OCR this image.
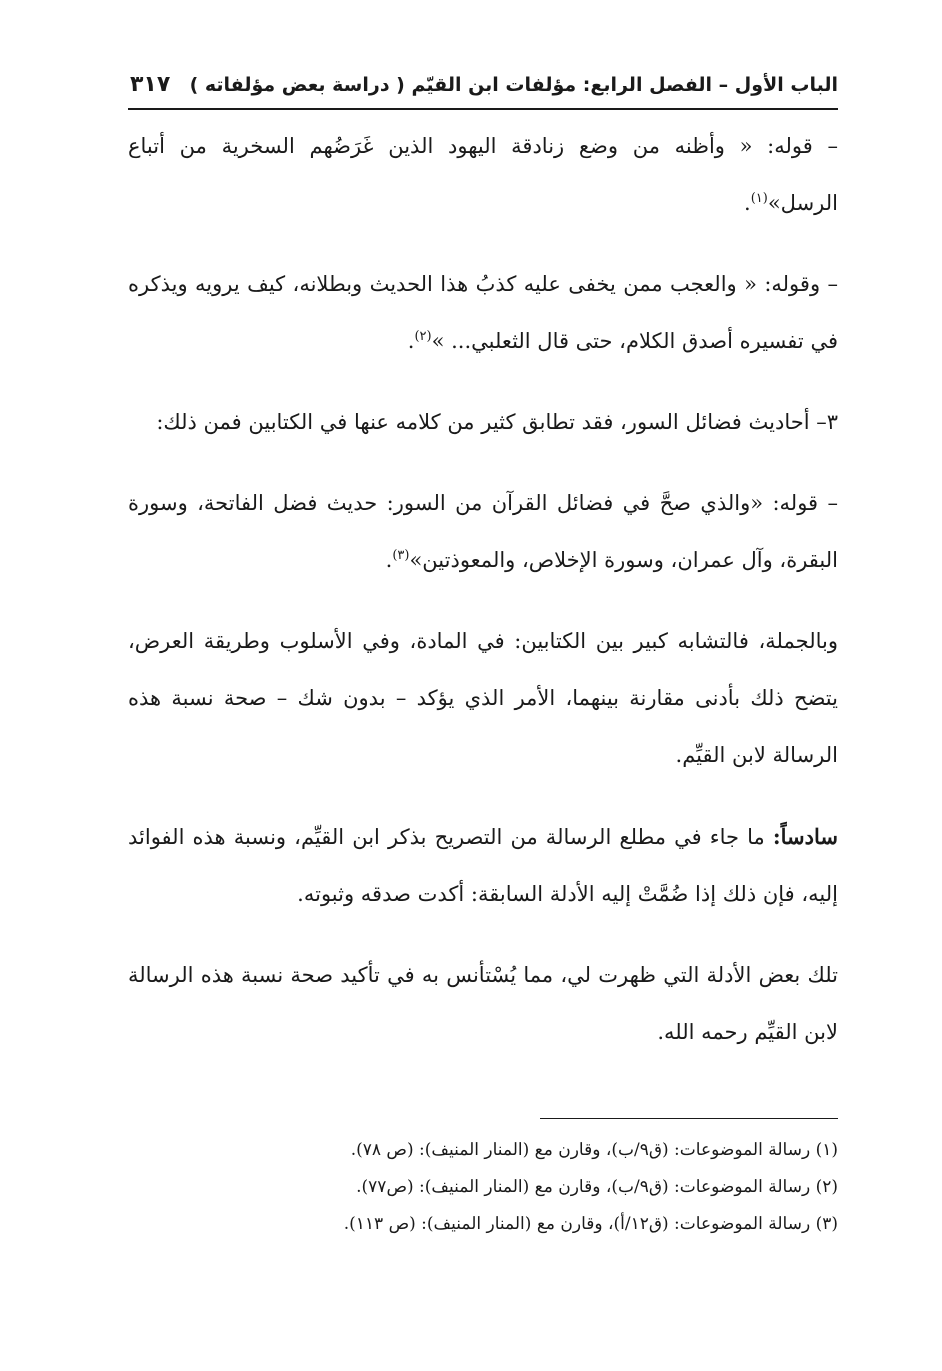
الباب الأول – الفصل الرابع: مؤلفات ابن القيّم ( دراسة بعض مؤلفاته )
٣١٧

– قوله: « وأظنه من وضع زنادقة اليهود الذين غَرَضُهم السخرية من أتباع الرسل»$^{(١)}$.

– وقوله: « والعجب ممن يخفى عليه كذبُ هذا الحديث وبطلانه، كيف يرويه ويذكره في تفسيره أصدق الكلام، حتى قال الثعلبي... »$^{(٢)}$.

٣– أحاديث فضائل السور، فقد تطابق كثير من كلامه عنها في الكتابين فمن ذلك:

– قوله: «والذي صحَّ في فضائل القرآن من السور: حديث فضل الفاتحة، وسورة البقرة، وآل عمران، وسورة الإخلاص، والمعوذتين»$^{(٣)}$.

وبالجملة، فالتشابه كبير بين الكتابين: في المادة، وفي الأسلوب وطريقة العرض، يتضح ذلك بأدنى مقارنة بينهما، الأمر الذي يؤكد – بدون شك – صحة نسبة هذه الرسالة لابن القيِّم.

سادساً: ما جاء في مطلع الرسالة من التصريح بذكر ابن القيِّم، ونسبة هذه الفوائد إليه، فإن ذلك إذا ضُمَّتْ إليه الأدلة السابقة: أكدت صدقه وثبوته.

تلك بعض الأدلة التي ظهرت لي، مما يُسْتأنس به في تأكيد صحة نسبة هذه الرسالة لابن القيِّم رحمه الله.

(١) رسالة الموضوعات: (ق٩/ب)، وقارن مع (المنار المنيف): (ص ٧٨).

(٢) رسالة الموضوعات: (ق٩/ب)، وقارن مع (المنار المنيف): (ص٧٧).

(٣) رسالة الموضوعات: (ق١٢/أ)، وقارن مع (المنار المنيف): (ص ١١٣).
